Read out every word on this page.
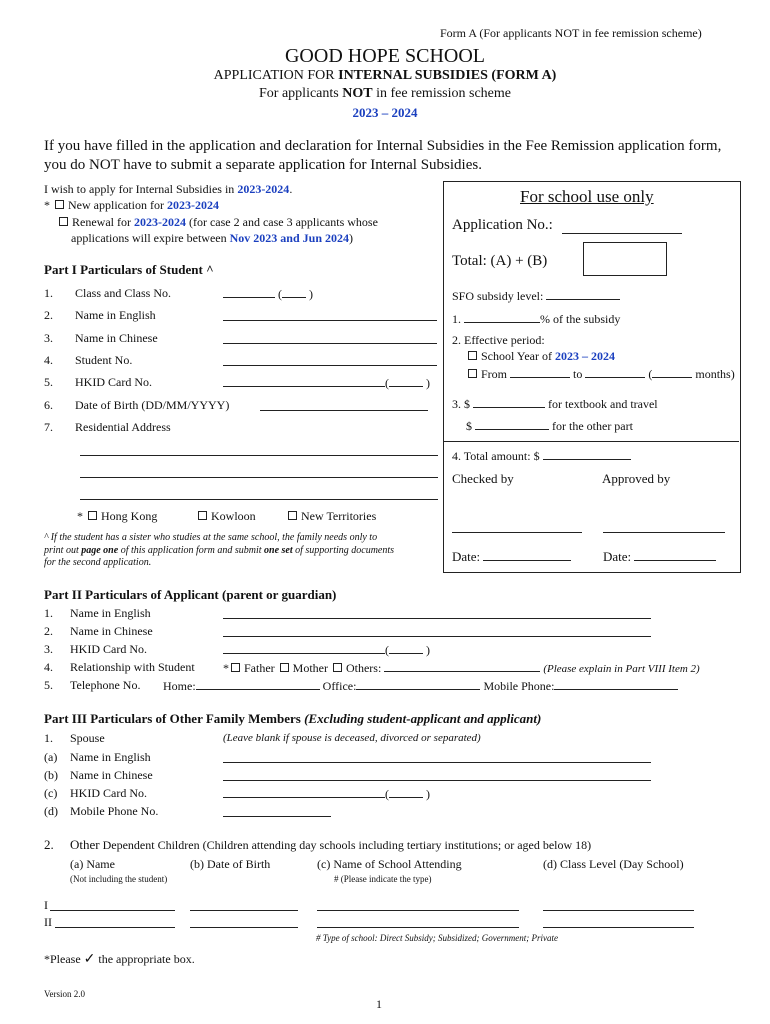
Form A (For applicants NOT in fee remission scheme)
GOOD HOPE SCHOOL
APPLICATION FOR INTERNAL SUBSIDIES (FORM A)
For applicants NOT in fee remission scheme
2023 – 2024
If you have filled in the application and declaration for Internal Subsidies in the Fee Remission application form,
you do NOT have to submit a separate application for Internal Subsidies.
I wish to apply for Internal Subsidies in 2023-2024.
* New application for 2023-2024
Renewal for 2023-2024 (for case 2 and case 3 applicants whose
applications will expire between Nov 2023 and Jun 2024)
Part I Particulars of Student ^
1. Class and Class No.	( )
2. Name in English
3. Name in Chinese
4. Student No.
5. HKID Card No.	(	)
6. Date of Birth (DD/MM/YYYY)
7. Residential Address
* Hong Kong	Kowloon	New Territories
^ If the student has a sister who studies at the same school, the family needs only to
print out page one of this application form and submit one set of supporting documents
for the second application.
For school use only
Application No.:
Total: (A) + (B)
SFO subsidy level:
1.	% of the subsidy
2. Effective period:
School Year of 2023 – 2024
From	to	(	months)
3. $	for textbook and travel
$	for the other part
4. Total amount: $
Checked by	Approved by
Date:	Date:
Part II Particulars of Applicant (parent or guardian)
1. Name in English
2. Name in Chinese
3. HKID Card No.	(	)
4. Relationship with Student * Father Mother Others:	(Please explain in Part VIII Item 2)
5. Telephone No. Home:	Office:	Mobile Phone:
Part III Particulars of Other Family Members (Excluding student-applicant and applicant)
1. Spouse	(Leave blank if spouse is deceased, divorced or separated)
(a) Name in English
(b) Name in Chinese
(c) HKID Card No.	(	)
(d) Mobile Phone No.
2. Other Dependent Children (Children attending day schools including tertiary institutions; or aged below 18)
(a) Name	(b) Date of Birth	(c) Name of School Attending	(d) Class Level (Day School)
(Not including the student)	# (Please indicate the type)
I
II
# Type of school: Direct Subsidy; Subsidized; Government; Private
*Please ✓ the appropriate box.
Version 2.0
1
